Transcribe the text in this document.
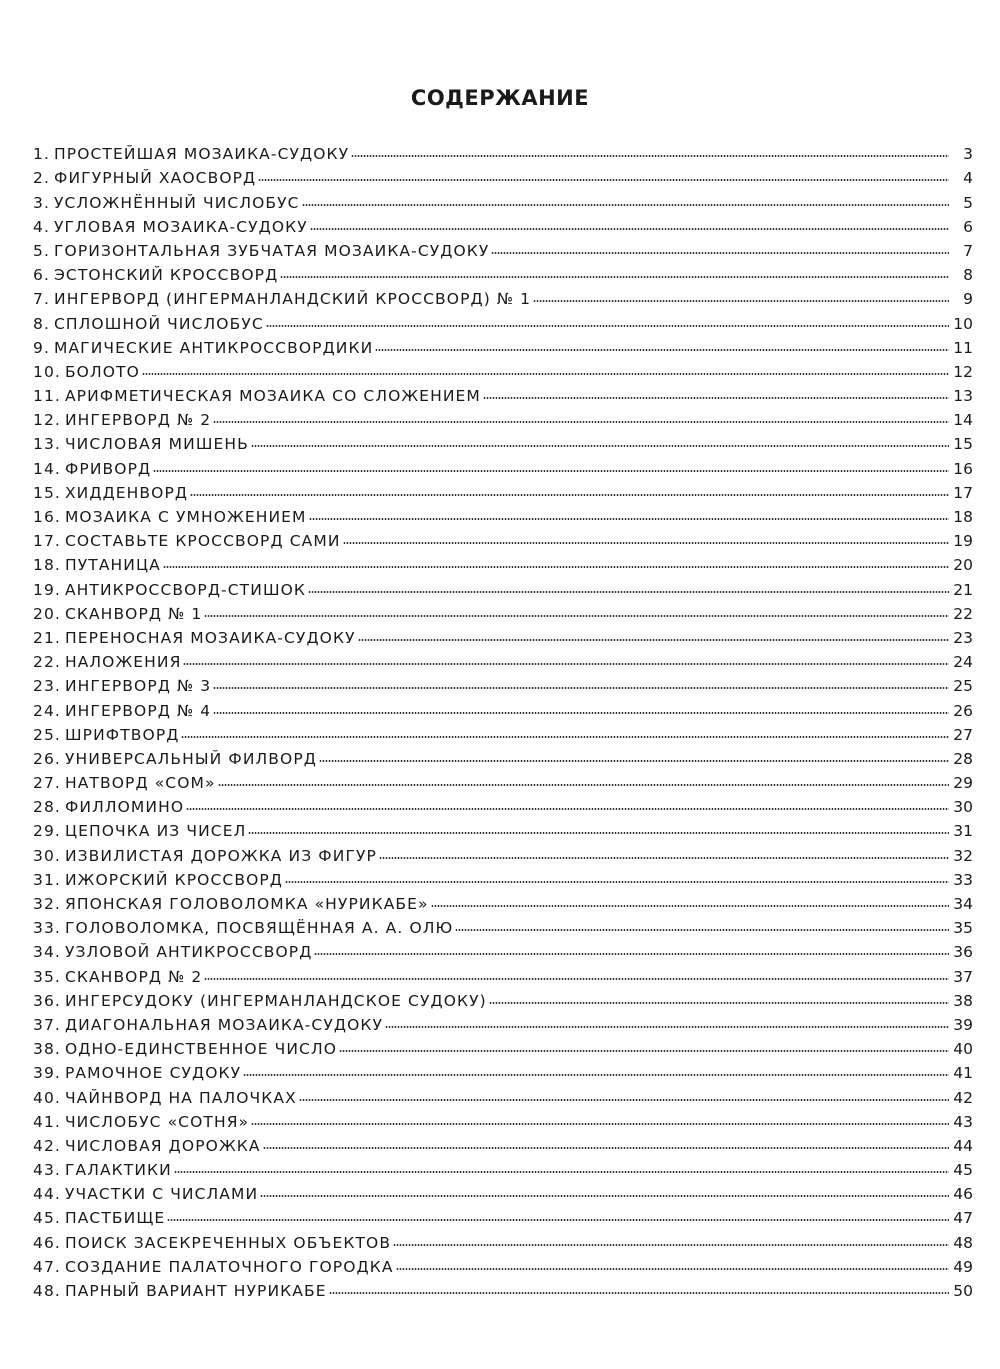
СОДЕРЖАНИЕ
1. ПРОСТЕЙШАЯ МОЗАИКА-СУДОКУ	3
2. ФИГУРНЫЙ ХАОСВОРД	4
3. УСЛОЖНЁННЫЙ ЧИСЛОБУС	5
4. УГЛОВАЯ МОЗАИКА-СУДОКУ	6
5. ГОРИЗОНТАЛЬНАЯ ЗУБЧАТАЯ МОЗАИКА-СУДОКУ	7
6. ЭСТОНСКИЙ КРОССВОРД	8
7. ИНГЕРВОРД (ИНГЕРМАНЛАНДСКИЙ КРОССВОРД) № 1	9
8. СПЛОШНОЙ ЧИСЛОБУС	10
9. МАГИЧЕСКИЕ АНТИКРОССВОРДИКИ	11
10. БОЛОТО	12
11. АРИФМЕТИЧЕСКАЯ МОЗАИКА СО СЛОЖЕНИЕМ	13
12. ИНГЕРВОРД № 2	14
13. ЧИСЛОВАЯ МИШЕНЬ	15
14. ФРИВОРД	16
15. ХИДДЕНВОРД	17
16. МОЗАИКА С УМНОЖЕНИЕМ	18
17. СОСТАВЬТЕ КРОССВОРД САМИ	19
18. ПУТАНИЦА	20
19. АНТИКРОССВОРД-СТИШОК	21
20. СКАНВОРД № 1	22
21. ПЕРЕНОСНАЯ МОЗАИКА-СУДОКУ	23
22. НАЛОЖЕНИЯ	24
23. ИНГЕРВОРД № 3	25
24. ИНГЕРВОРД № 4	26
25. ШРИФТВОРД	27
26. УНИВЕРСАЛЬНЫЙ ФИЛВОРД	28
27. НАТВОРД «СОМ»	29
28. ФИЛЛОМИНО	30
29. ЦЕПОЧКА ИЗ ЧИСЕЛ	31
30. ИЗВИЛИСТАЯ ДОРОЖКА ИЗ ФИГУР	32
31. ИЖОРСКИЙ КРОССВОРД	33
32. ЯПОНСКАЯ ГОЛОВОЛОМКА «НУРИКАБЕ»	34
33. ГОЛОВОЛОМКА, ПОСВЯЩЁННАЯ А. А. ОЛЮ	35
34. УЗЛОВОЙ АНТИКРОССВОРД	36
35. СКАНВОРД № 2	37
36. ИНГЕРСУДОКУ (ИНГЕРМАНЛАНДСКОЕ СУДОКУ)	38
37. ДИАГОНАЛЬНАЯ МОЗАИКА-СУДОКУ	39
38. ОДНО-ЕДИНСТВЕННОЕ ЧИСЛО	40
39. РАМОЧНОЕ СУДОКУ	41
40. ЧАЙНВОРД НА ПАЛОЧКАХ	42
41. ЧИСЛОБУС «СОТНЯ»	43
42. ЧИСЛОВАЯ ДОРОЖКА	44
43. ГАЛАКТИКИ	45
44. УЧАСТКИ С ЧИСЛАМИ	46
45. ПАСТБИЩЕ	47
46. ПОИСК ЗАСЕКРЕЧЕННЫХ ОБЪЕКТОВ	48
47. СОЗДАНИЕ ПАЛАТОЧНОГО ГОРОДКА	49
48. ПАРНЫЙ ВАРИАНТ НУРИКАБЕ	50
